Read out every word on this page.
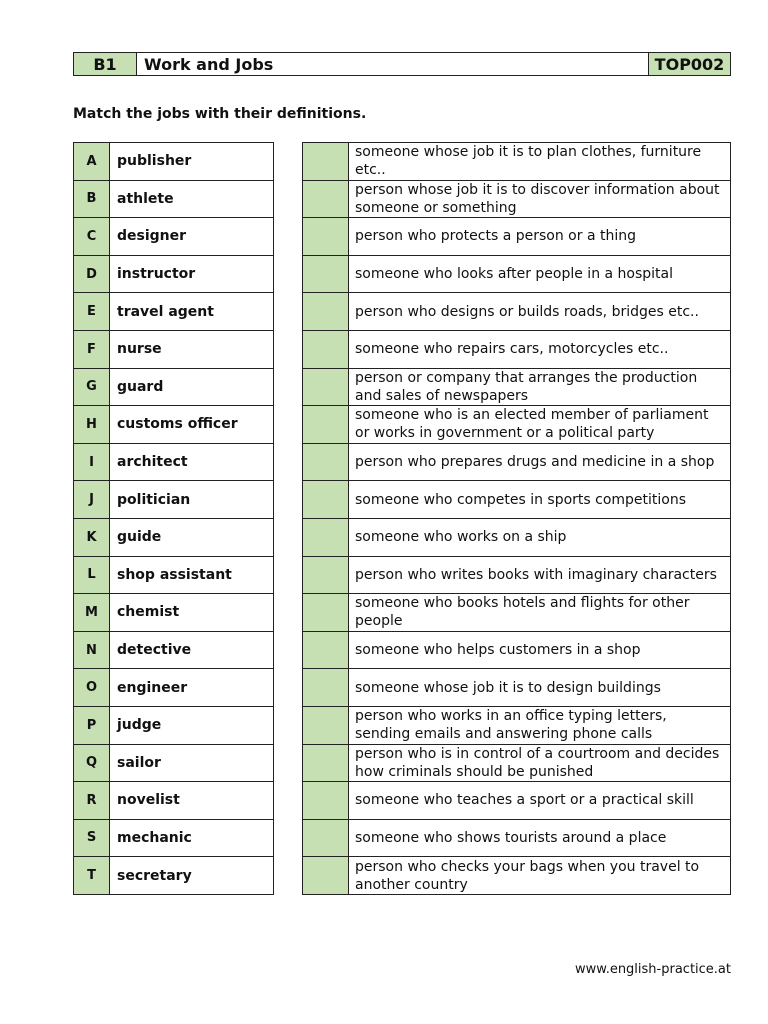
B1	Work and Jobs	TOP002
Match the jobs with their definitions.
A	publisher
B	athlete
C	designer
D	instructor
E	travel agent
F	nurse
G	guard
H	customs officer
I	architect
J	politician
K	guide
L	shop assistant
M	chemist
N	detective
O	engineer
P	judge
Q	sailor
R	novelist
S	mechanic
T	secretary
	someone whose job it is to plan clothes, furniture etc..
	person whose job it is to discover information about someone or something
	person who protects a person or a thing
	someone who looks after people in a hospital
	person who designs or builds roads, bridges etc..
	someone who repairs cars, motorcycles etc..
	person or company that arranges the production and sales of newspapers
	someone who is an elected member of parliament or works in government or a political party
	person who prepares drugs and medicine in a shop
	someone who competes in sports competitions
	someone who works on a ship
	person who writes books with imaginary characters
	someone who books hotels and flights for other people
	someone who helps customers in a shop
	someone whose job it is to design buildings
	person who works in an office typing letters, sending emails and answering phone calls
	person who is in control of a courtroom and decides how criminals should be punished
	someone who teaches a sport or a practical skill
	someone who shows tourists around a place
	person who checks your bags when you travel to another country
www.english-practice.at
